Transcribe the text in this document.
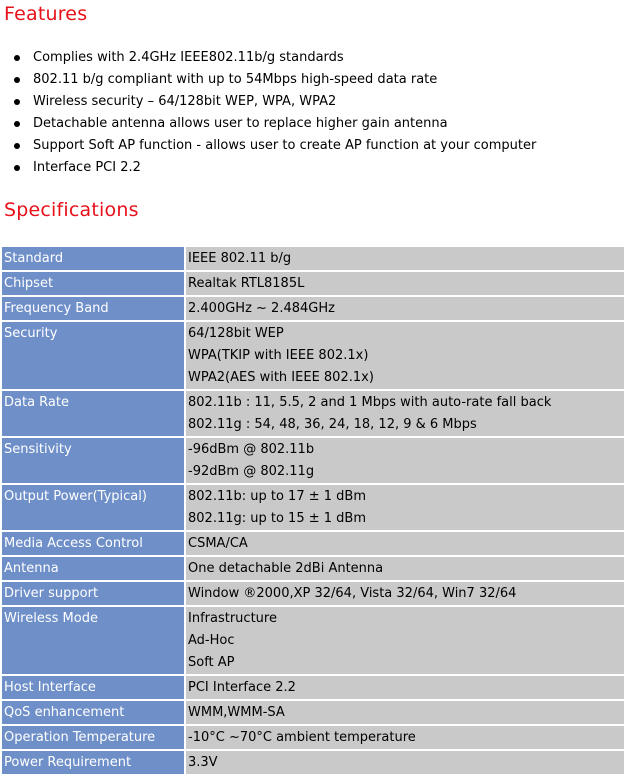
Features
Complies with 2.4GHz IEEE802.11b/g standards
802.11 b/g compliant with up to 54Mbps high-speed data rate
Wireless security – 64/128bit WEP, WPA, WPA2
Detachable antenna allows user to replace higher gain antenna
Support Soft AP function - allows user to create AP function at your computer
Interface PCI 2.2
Specifications
Standard	IEEE 802.11 b/g

Chipset	Realtak RTL8185L

Frequency Band	2.400GHz ~ 2.484GHz

Security	64/128bit WEP
WPA(TKIP with IEEE 802.1x)
WPA2(AES with IEEE 802.1x)

Data Rate	802.11b : 11, 5.5, 2 and 1 Mbps with auto-rate fall back
802.11g : 54, 48, 36, 24, 18, 12, 9 & 6 Mbps

Sensitivity	-96dBm @ 802.11b
-92dBm @ 802.11g

Output Power(Typical)	802.11b: up to 17 ± 1 dBm
802.11g: up to 15 ± 1 dBm

Media Access Control	CSMA/CA

Antenna	One detachable 2dBi Antenna

Driver support	Window ®2000,XP 32/64, Vista 32/64, Win7 32/64

Wireless Mode	Infrastructure
Ad-Hoc
Soft AP

Host Interface	PCI Interface 2.2

QoS enhancement	WMM,WMM-SA

Operation Temperature	-10°C ~70°C ambient temperature

Power Requirement	3.3V
